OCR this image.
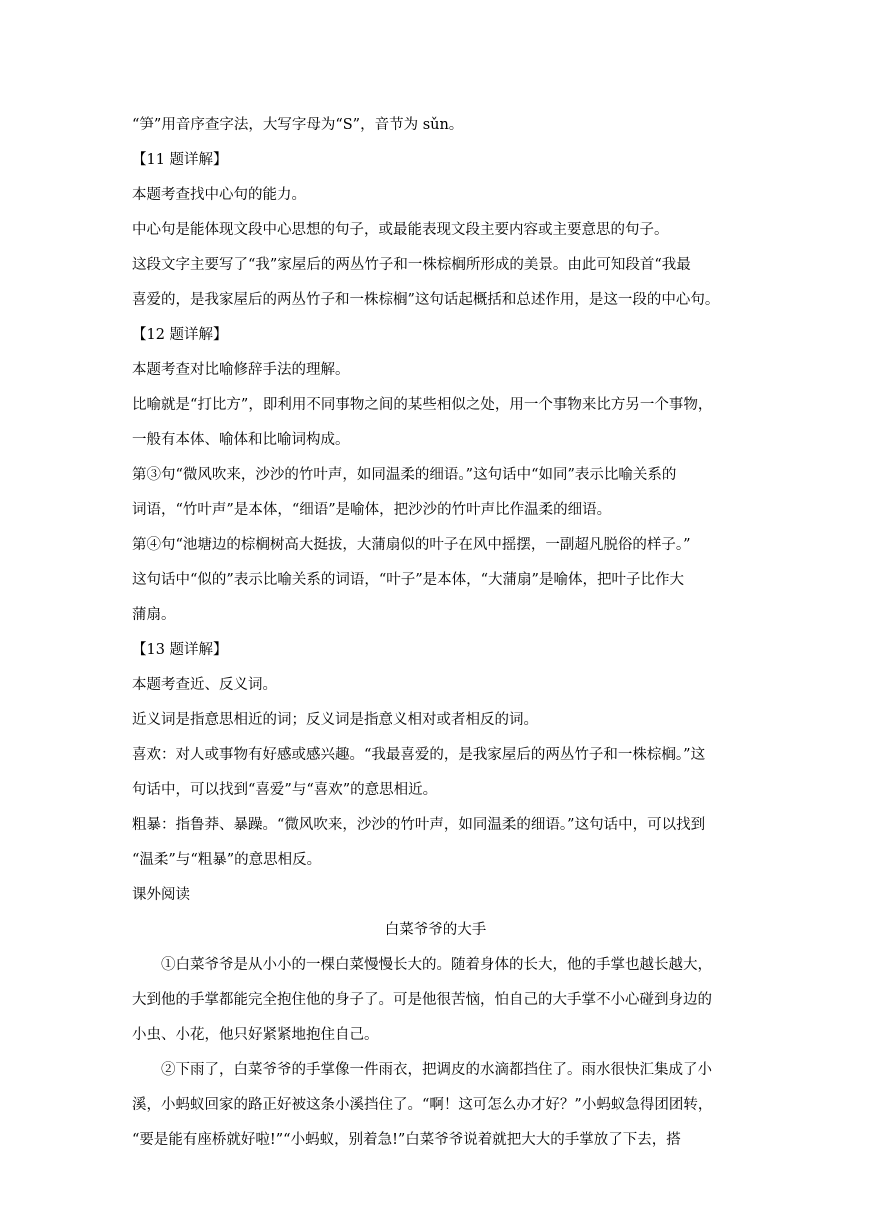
“笋”用音序查字法，大写字母为“S”，音节为 sǔn。

【11 题详解】

本题考查找中心句的能力。

中心句是能体现文段中心思想的句子，或最能表现文段主要内容或主要意思的句子。

这段文字主要写了“我”家屋后的两丛竹子和一株棕榈所形成的美景。由此可知段首“我最

喜爱的，是我家屋后的两丛竹子和一株棕榈”这句话起概括和总述作用，是这一段的中心句。

【12 题详解】

本题考查对比喻修辞手法的理解。

比喻就是“打比方”，即利用不同事物之间的某些相似之处，用一个事物来比方另一个事物，

一般有本体、喻体和比喻词构成。

第③句“微风吹来，沙沙的竹叶声，如同温柔的细语。”这句话中“如同”表示比喻关系的

词语，“竹叶声”是本体，“细语”是喻体，把沙沙的竹叶声比作温柔的细语。

第④句“池塘边的棕榈树高大挺拔，大蒲扇似的叶子在风中摇摆，一副超凡脱俗的样子。”

这句话中“似的”表示比喻关系的词语，“叶子”是本体，“大蒲扇”是喻体，把叶子比作大

蒲扇。

【13 题详解】

本题考查近、反义词。

近义词是指意思相近的词；反义词是指意义相对或者相反的词。

喜欢：对人或事物有好感或感兴趣。“我最喜爱的，是我家屋后的两丛竹子和一株棕榈。”这

句话中，可以找到“喜爱”与“喜欢”的意思相近。

粗暴：指鲁莽、暴躁。“微风吹来，沙沙的竹叶声，如同温柔的细语。”这句话中，可以找到

“温柔”与“粗暴”的意思相反。

课外阅读

白菜爷爷的大手

①白菜爷爷是从小小的一棵白菜慢慢长大的。随着身体的长大，他的手掌也越长越大，

大到他的手掌都能完全抱住他的身子了。可是他很苦恼，怕自己的大手掌不小心碰到身边的

小虫、小花，他只好紧紧地抱住自己。

②下雨了，白菜爷爷的手掌像一件雨衣，把调皮的水滴都挡住了。雨水很快汇集成了小

溪，小蚂蚁回家的路正好被这条小溪挡住了。“啊！这可怎么办才好？”小蚂蚁急得团团转，

“要是能有座桥就好啦!”“小蚂蚁，别着急!”白菜爷爷说着就把大大的手掌放了下去，搭
